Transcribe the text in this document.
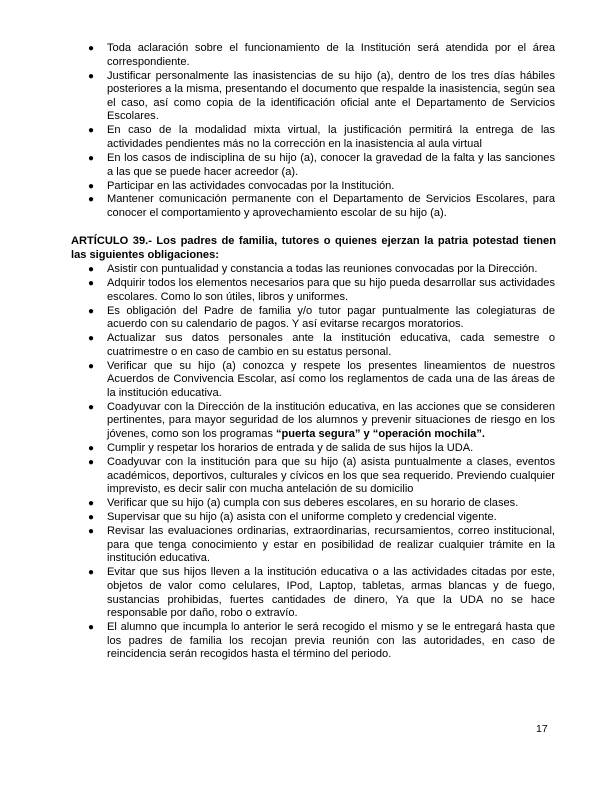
● Toda aclaración sobre el funcionamiento de la Institución será atendida por el área correspondiente.
● Justificar personalmente las inasistencias de su hijo (a), dentro de los tres días hábiles posteriores a la misma, presentando el documento que respalde la inasistencia, según sea el caso, así como copia de la identificación oficial ante el Departamento de Servicios Escolares.
● En caso de la modalidad mixta virtual, la justificación permitirá la entrega de las actividades pendientes más no la corrección en la inasistencia al aula virtual
● En los casos de indisciplina de su hijo (a), conocer la gravedad de la falta y las sanciones a las que se puede hacer acreedor (a).
● Participar en las actividades convocadas por la Institución.
● Mantener comunicación permanente con el Departamento de Servicios Escolares, para conocer el comportamiento y aprovechamiento escolar de su hijo (a).
ARTÍCULO 39.- Los padres de familia, tutores o quienes ejerzan la patria potestad tienen las siguientes obligaciones:
● Asistir con puntualidad y constancia a todas las reuniones convocadas por la Dirección.
● Adquirir todos los elementos necesarios para que su hijo pueda desarrollar sus actividades escolares. Como lo son útiles, libros y uniformes.
● Es obligación del Padre de familia y/o tutor pagar puntualmente las colegiaturas de acuerdo con su calendario de pagos. Y así evitarse recargos moratorios.
● Actualizar sus datos personales ante la institución educativa, cada semestre o cuatrimestre o en caso de cambio en su estatus personal.
● Verificar que su hijo (a) conozca y respete los presentes lineamientos de nuestros Acuerdos de Convivencia Escolar, así como los reglamentos de cada una de las áreas de la institución educativa.
● Coadyuvar con la Dirección de la institución educativa, en las acciones que se consideren pertinentes, para mayor seguridad de los alumnos y prevenir situaciones de riesgo en los jóvenes, como son los programas “puerta segura” y “operación mochila”.
● Cumplir y respetar los horarios de entrada y de salida de sus hijos la UDA.
● Coadyuvar con la institución para que su hijo (a) asista puntualmente a clases, eventos académicos, deportivos, culturales y cívicos en los que sea requerido. Previendo cualquier imprevisto, es decir salir con mucha antelación de su domicilio
● Verificar que su hijo (a) cumpla con sus deberes escolares, en su horario de clases.
● Supervisar que su hijo (a) asista con el uniforme completo y credencial vigente.
● Revisar las evaluaciones ordinarias, extraordinarias, recursamientos, correo institucional, para que tenga conocimiento y estar en posibilidad de realizar cualquier trámite en la institución educativa.
● Evitar que sus hijos lleven a la institución educativa o a las actividades citadas por este, objetos de valor como celulares, IPod, Laptop, tabletas, armas blancas y de fuego, sustancias prohibidas, fuertes cantidades de dinero, Ya que la UDA no se hace responsable por daño, robo o extravío.
● El alumno que incumpla lo anterior le será recogido el mismo y se le entregará hasta que los padres de familia los recojan previa reunión con las autoridades, en caso de reincidencia serán recogidos hasta el término del periodo.
17
